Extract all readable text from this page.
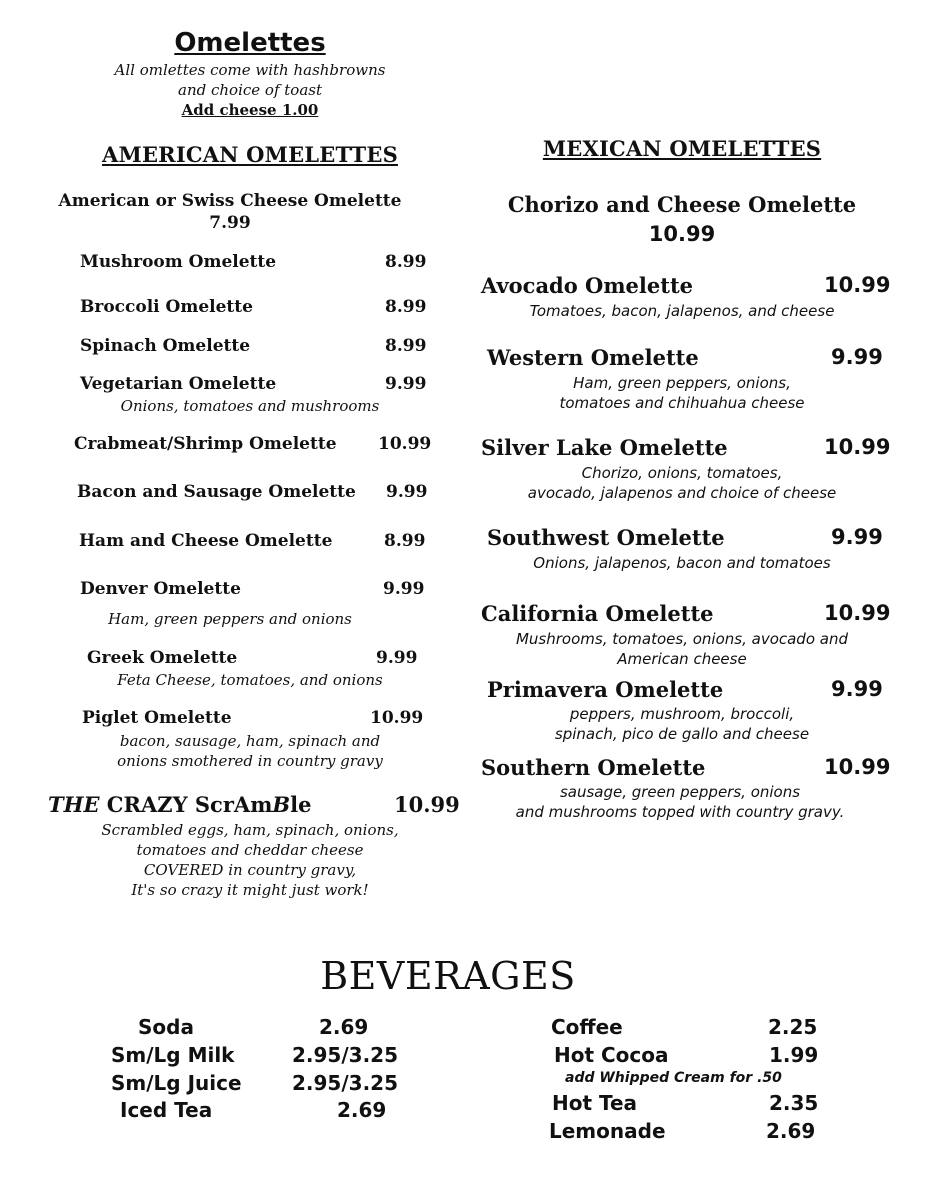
Omelettes
All omlettes come with hashbrowns
and choice of toast
Add cheese 1.00
AMERICAN OMELETTES
American or Swiss Cheese Omelette
7.99
Mushroom Omelette	8.99
Broccoli Omelette	8.99
Spinach Omelette	8.99
Vegetarian Omelette	9.99
Onions, tomatoes and mushrooms
Crabmeat/Shrimp Omelette 10.99
Bacon and Sausage Omelette 9.99
Ham and Cheese Omelette	8.99
Denver Omelette	9.99
Ham, green peppers and onions
Greek Omelette	9.99
Feta Cheese, tomatoes, and onions
Piglet Omelette	10.99
bacon, sausage, ham, spinach and
onions smothered in country gravy
THE CRAZY ScrAmBle	10.99
Scrambled eggs, ham, spinach, onions,
tomatoes and cheddar cheese
COVERED in country gravy,
It's so crazy it might just work!
MEXICAN OMELETTES
Chorizo and Cheese Omelette
10.99
Avocado Omelette	10.99
Tomatoes, bacon, jalapenos, and cheese
Western Omelette	9.99
Ham, green peppers, onions,
tomatoes and chihuahua cheese
Silver Lake Omelette	10.99
Chorizo, onions, tomatoes,
avocado, jalapenos and choice of cheese
Southwest Omelette	9.99
Onions, jalapenos, bacon and tomatoes
California Omelette	10.99
Mushrooms, tomatoes, onions, avocado and
American cheese
Primavera Omelette	9.99
peppers, mushroom, broccoli,
spinach, pico de gallo and cheese
Southern Omelette	10.99
sausage, green peppers, onions
and mushrooms topped with country gravy.
BEVERAGES
Soda	2.69
Sm/Lg Milk	2.95/3.25
Sm/Lg Juice	2.95/3.25
Iced Tea	2.69
Coffee	2.25
Hot Cocoa	1.99
add Whipped Cream for .50
Hot Tea	2.35
Lemonade	2.69
